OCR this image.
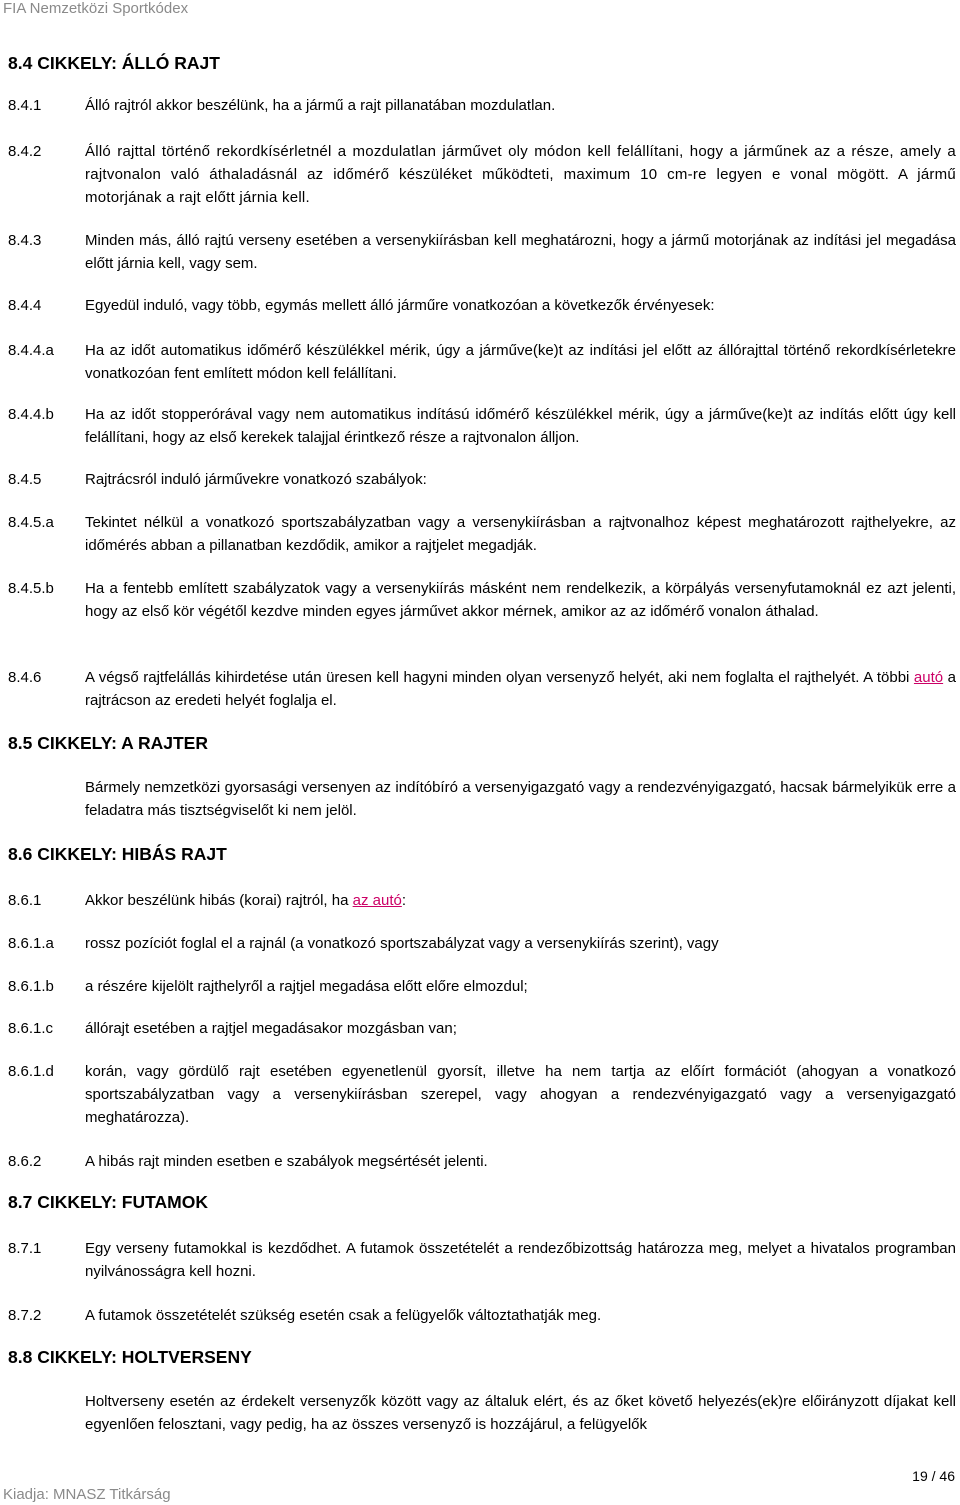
FIA Nemzetközi Sportkódex
8.4 CIKKELY: ÁLLÓ RAJT
8.4.1	Álló rajtról akkor beszélünk, ha a jármű a rajt pillanatában mozdulatlan.
8.4.2	Álló rajttal történő rekordkísérletnél a mozdulatlan járművet oly módon kell felállítani, hogy a járműnek az a része, amely a rajtvonalon való áthaladásnál az időmérő készüléket működteti, maximum 10 cm-re legyen e vonal mögött. A jármű motorjának a rajt előtt járnia kell.
8.4.3	Minden más, álló rajtú verseny esetében a versenykiírásban kell meghatározni, hogy a jármű motorjának az indítási jel megadása előtt járnia kell, vagy sem.
8.4.4	Egyedül induló, vagy több, egymás mellett álló járműre vonatkozóan a következők érvényesek:
8.4.4.a	Ha az időt automatikus időmérő készülékkel mérik, úgy a járműve(ke)t az indítási jel előtt az állórajttal történő rekordkísérletekre vonatkozóan fent említett módon kell felállítani.
8.4.4.b	Ha az időt stopperórával vagy nem automatikus indítású időmérő készülékkel mérik, úgy a járműve(ke)t az indítás előtt úgy kell felállítani, hogy az első kerekek talajjal érintkező része a rajtvonalon álljon.
8.4.5	Rajtrácsról induló járművekre vonatkozó szabályok:
8.4.5.a	Tekintet nélkül a vonatkozó sportszabályzatban vagy a versenykiírásban a rajtvonalhoz képest meghatározott rajthelyekre, az időmérés abban a pillanatban kezdődik, amikor a rajtjelet megadják.
8.4.5.b	Ha a fentebb említett szabályzatok vagy a versenykiírás másként nem rendelkezik, a körpályás versenyfutamoknál ez azt jelenti, hogy az első kör végétől kezdve minden egyes járművet akkor mérnek, amikor az az időmérő vonalon áthalad.
8.4.6	A végső rajtfelállás kihirdetése után üresen kell hagyni minden olyan versenyző helyét, aki nem foglalta el rajthelyét. A többi autó a rajtrácson az eredeti helyét foglalja el.
8.5 CIKKELY: A RAJTER
Bármely nemzetközi gyorsasági versenyen az indítóbíró a versenyigazgató vagy a rendezvényigazgató, hacsak bármelyikük erre a feladatra más tisztségviselőt ki nem jelöl.
8.6 CIKKELY: HIBÁS RAJT
8.6.1	Akkor beszélünk hibás (korai) rajtról, ha az autó:
8.6.1.a	rossz pozíciót foglal el a rajnál (a vonatkozó sportszabályzat vagy a versenykiírás szerint), vagy
8.6.1.b	a részére kijelölt rajthelyről a rajtjel megadása előtt előre elmozdul;
8.6.1.c	állórajt esetében a rajtjel megadásakor mozgásban van;
8.6.1.d	korán, vagy gördülő rajt esetében egyenetlenül gyorsít, illetve ha nem tartja az előírt formációt (ahogyan a vonatkozó sportszabályzatban vagy a versenykiírásban szerepel, vagy ahogyan a rendezvényigazgató vagy a versenyigazgató meghatározza).
8.6.2	A hibás rajt minden esetben e szabályok megsértését jelenti.
8.7 CIKKELY: FUTAMOK
8.7.1	Egy verseny futamokkal is kezdődhet. A futamok összetételét a rendezőbizottság határozza meg, melyet a hivatalos programban nyilvánosságra kell hozni.
8.7.2	A futamok összetételét szükség esetén csak a felügyelők változtathatják meg.
8.8 CIKKELY: HOLTVERSENY
Holtverseny esetén az érdekelt versenyzők között vagy az általuk elért, és az őket követő helyezés(ek)re előirányzott díjakat kell egyenlően felosztani, vagy pedig, ha az összes versenyző is hozzájárul, a felügyelők
19 / 46
Kiadja: MNASZ Titkárság
